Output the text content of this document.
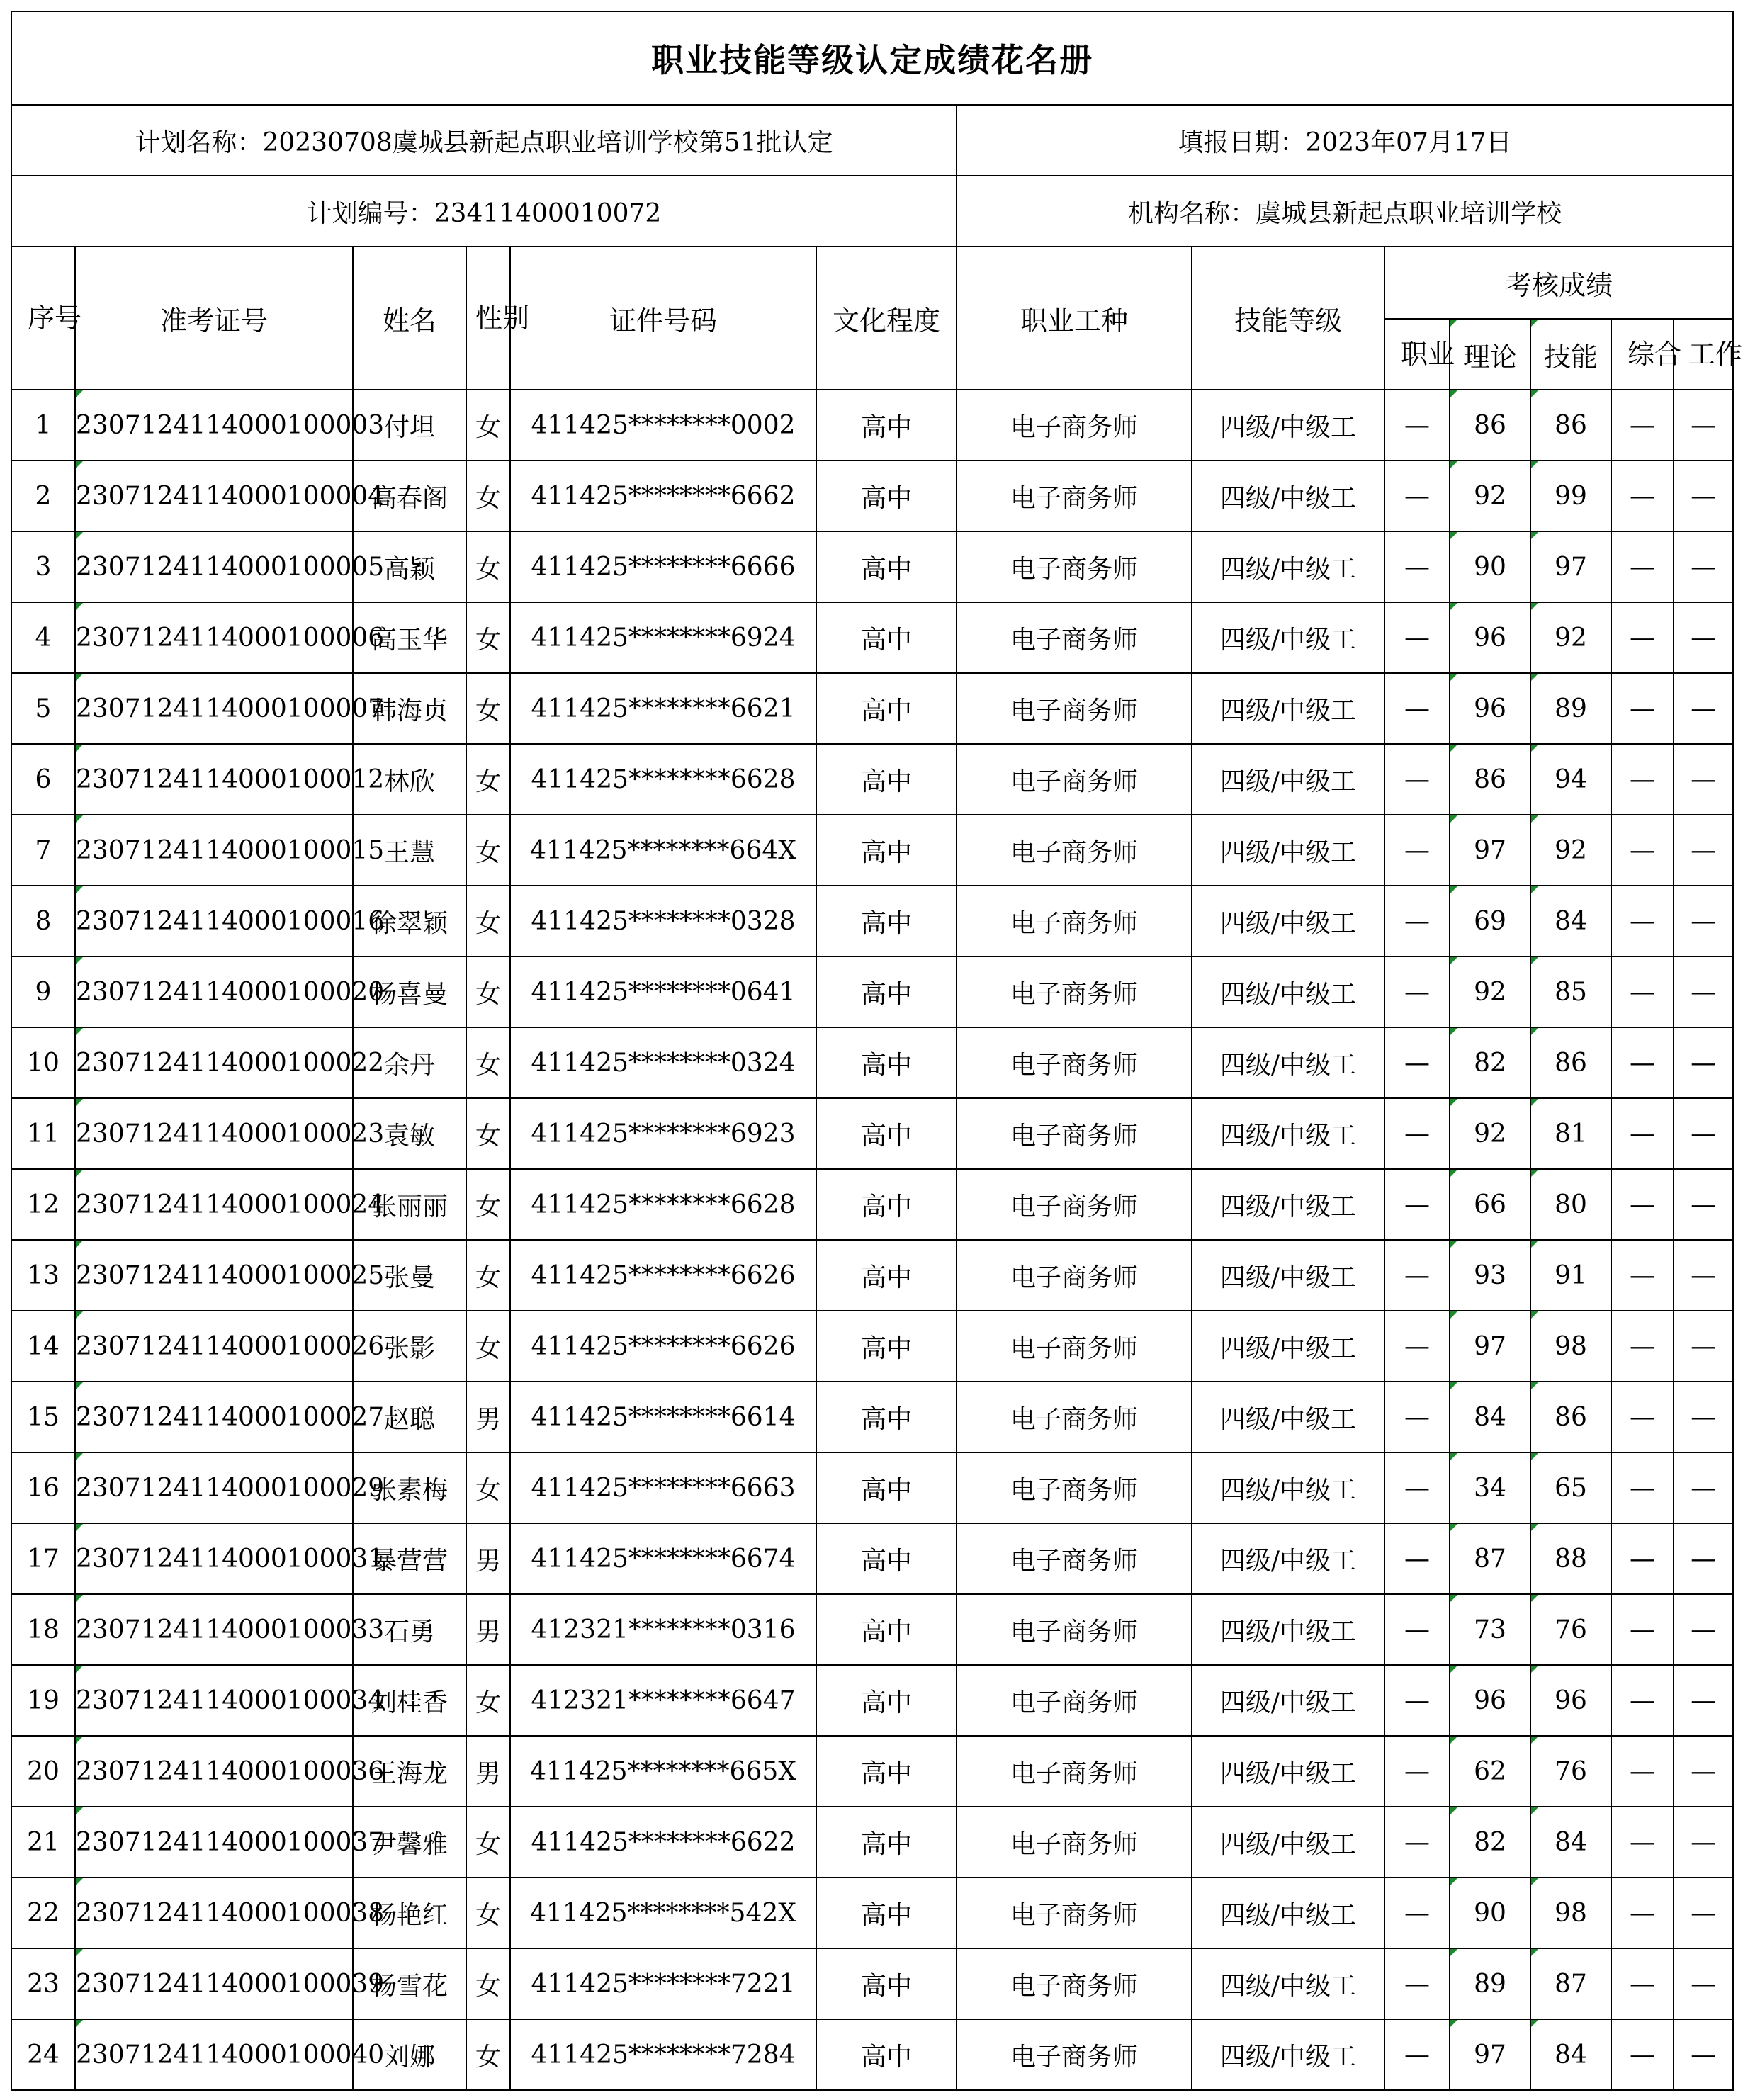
职业技能等级认定成绩花名册												
计划名称：20230708虞城县新起点职业培训学校第51批认定						填报日期：2023年07月17日						
计划编号：23411400010072						机构名称：虞城县新起点职业培训学校						
序号	准考证号	姓名	性别	证件号码	文化程度	职业工种	技能等级	考核成绩				
								职业	理论	技能	综合	工作
1	2307124114000100003	付坦	女	411425********0002	高中	电子商务师	四级/中级工	—	86	86	—	—
2	2307124114000100004	高春阁	女	411425********6662	高中	电子商务师	四级/中级工	—	92	99	—	—
3	2307124114000100005	高颖	女	411425********6666	高中	电子商务师	四级/中级工	—	90	97	—	—
4	2307124114000100006	高玉华	女	411425********6924	高中	电子商务师	四级/中级工	—	96	92	—	—
5	2307124114000100007	韩海贞	女	411425********6621	高中	电子商务师	四级/中级工	—	96	89	—	—
6	2307124114000100012	林欣	女	411425********6628	高中	电子商务师	四级/中级工	—	86	94	—	—
7	2307124114000100015	王慧	女	411425********664X	高中	电子商务师	四级/中级工	—	97	92	—	—
8	2307124114000100016	徐翠颖	女	411425********0328	高中	电子商务师	四级/中级工	—	69	84	—	—
9	2307124114000100020	杨喜曼	女	411425********0641	高中	电子商务师	四级/中级工	—	92	85	—	—
10	2307124114000100022	余丹	女	411425********0324	高中	电子商务师	四级/中级工	—	82	86	—	—
11	2307124114000100023	袁敏	女	411425********6923	高中	电子商务师	四级/中级工	—	92	81	—	—
12	2307124114000100024	张丽丽	女	411425********6628	高中	电子商务师	四级/中级工	—	66	80	—	—
13	2307124114000100025	张曼	女	411425********6626	高中	电子商务师	四级/中级工	—	93	91	—	—
14	2307124114000100026	张影	女	411425********6626	高中	电子商务师	四级/中级工	—	97	98	—	—
15	2307124114000100027	赵聪	男	411425********6614	高中	电子商务师	四级/中级工	—	84	86	—	—
16	2307124114000100029	张素梅	女	411425********6663	高中	电子商务师	四级/中级工	—	34	65	—	—
17	2307124114000100031	暴营营	男	411425********6674	高中	电子商务师	四级/中级工	—	87	88	—	—
18	2307124114000100033	石勇	男	412321********0316	高中	电子商务师	四级/中级工	—	73	76	—	—
19	2307124114000100034	刘桂香	女	412321********6647	高中	电子商务师	四级/中级工	—	96	96	—	—
20	2307124114000100036	王海龙	男	411425********665X	高中	电子商务师	四级/中级工	—	62	76	—	—
21	2307124114000100037	尹馨雅	女	411425********6622	高中	电子商务师	四级/中级工	—	82	84	—	—
22	2307124114000100038	杨艳红	女	411425********542X	高中	电子商务师	四级/中级工	—	90	98	—	—
23	2307124114000100039	杨雪花	女	411425********7221	高中	电子商务师	四级/中级工	—	89	87	—	—
24	2307124114000100040	刘娜	女	411425********7284	高中	电子商务师	四级/中级工	—	97	84	—	—
